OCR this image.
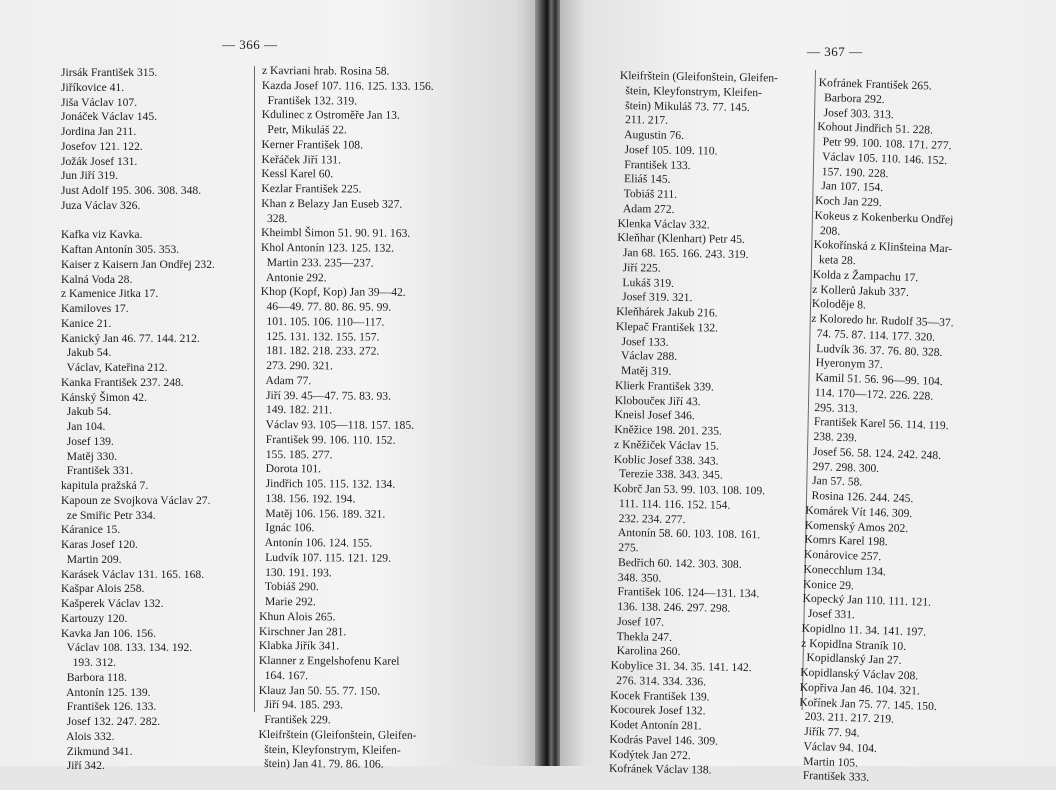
— 366 —
Jirsák František 315.
Jiříkovice 41.
Jiša Václav 107.
Jonáček Václav 145.
Jordina Jan 211.
Josefov 121. 122.
Jožák Josef 131.
Jun Jiří 319.
Just Adolf 195. 306. 308. 348.
Juza Václav 326.

Kafka viz Kavka.
Kaftan Antonín 305. 353.
Kaiser z Kaisern Jan Ondřej 232.
Kalná Voda 28.
z Kamenice Jitka 17.
Kamiloves 17.
Kanice 21.
Kanický Jan 46. 77. 144. 212.
Jakub 54.
Václav, Kateřina 212.
Kanka František 237. 248.
Kánský Šimon 42.
Jakub 54.
Jan 104.
Josef 139.
Matěj 330.
František 331.
kapitula pražská 7.
Kapoun ze Svojkova Václav 27.
ze Smiřic Petr 334.
Káranice 15.
Karas Josef 120.
Martin 209.
Karásek Václav 131. 165. 168.
Kašpar Alois 258.
Kašperek Václav 132.
Kartouzy 120.
Kavka Jan 106. 156.
Václav 108. 133. 134. 192.
193. 312.
Barbora 118.
Antonín 125. 139.
František 126. 133.
Josef 132. 247. 282.
Alois 332.
Zikmund 341.
Jiří 342.
z Kavriani hrab. Rosina 58.
Kazda Josef 107. 116. 125. 133. 156.
František 132. 319.
Kdulinec z Ostroměře Jan 13.
Petr, Mikuláš 22.
Kerner František 108.
Keřáček Jiří 131.
Kessl Karel 60.
Kezlar František 225.
Khan z Belazy Jan Euseb 327.
328.
Kheimbl Šimon 51. 90. 91. 163.
Khol Antonín 123. 125. 132.
Martin 233. 235—237.
Antonie 292.
Khop (Kopf, Kop) Jan 39—42.
46—49. 77. 80. 86. 95. 99.
101. 105. 106. 110—117.
125. 131. 132. 155. 157.
181. 182. 218. 233. 272.
273. 290. 321.
Adam 77.
Jiří 39. 45—47. 75. 83. 93.
149. 182. 211.
Václav 93. 105—118. 157. 185.
František 99. 106. 110. 152.
155. 185. 277.
Dorota 101.
Jindřich 105. 115. 132. 134.
138. 156. 192. 194.
Matěj 106. 156. 189. 321.
Ignác 106.
Antonín 106. 124. 155.
Ludvík 107. 115. 121. 129.
130. 191. 193.
Tobiáš 290.
Marie 292.
Khun Alois 265.
Kirschner Jan 281.
Klabka Jiřík 341.
Klanner z Engelshofenu Karel
164. 167.
Klauz Jan 50. 55. 77. 150.
Jiří 94. 185. 293.
František 229.
Kleifrštein (Gleifonštein, Gleifen-
štein, Kleyfonstrym, Kleifen-
štein) Jan 41. 79. 86. 106.
— 367 —
Kleifrštein (Gleifonštein, Gleifen-
štein, Kleyfonstrym, Kleifen-
štein) Mikuláš 73. 77. 145.
211. 217.
Augustin 76.
Josef 105. 109. 110.
František 133.
Eliáš 145.
Tobiáš 211.
Adam 272.
Klenka Václav 332.
Kleňhar (Klenhart) Petr 45.
Jan 68. 165. 166. 243. 319.
Jiří 225.
Lukáš 319.
Josef 319. 321.
Kleňhárek Jakub 216.
Klepač František 132.
Josef 133.
Václav 288.
Matěj 319.
Klierk František 339.
Kloboučeк Jiří 43.
Kneisl Josef 346.
Kněžice 198. 201. 235.
z Kněžiček Václav 15.
Koblic Josef 338. 343.
Terezie 338. 343. 345.
Kobrč Jan 53. 99. 103. 108. 109.
111. 114. 116. 152. 154.
232. 234. 277.
Antonín 58. 60. 103. 108. 161.
275.
Bedřich 60. 142. 303. 308.
348. 350.
František 106. 124—131. 134.
136. 138. 246. 297. 298.
Josef 107.
Thekla 247.
Karolina 260.
Kobylice 31. 34. 35. 141. 142.
276. 314. 334. 336.
Kocek František 139.
Kocourek Josef 132.
Kodet Antonín 281.
Kodrás Pavel 146. 309.
Kodýtek Jan 272.
Kofránek Václav 138.
Kofránek František 265.
Barbora 292.
Josef 303. 313.
Kohout Jindřich 51. 228.
Petr 99. 100. 108. 171. 277.
Václav 105. 110. 146. 152.
157. 190. 228.
Jan 107. 154.
Koch Jan 229.
Kokeus z Kokenberku Ondřej
208.
Kokořínská z Klinšteina Mar-
keta 28.
Kolda z Žampachu 17.
z Kollerů Jakub 337.
Koloděje 8.
z Koloredo hr. Rudolf 35—37.
74. 75. 87. 114. 177. 320.
Ludvík 36. 37. 76. 80. 328.
Hyeronym 37.
Kamil 51. 56. 96—99. 104.
114. 170—172. 226. 228.
295. 313.
František Karel 56. 114. 119.
238. 239.
Josef 56. 58. 124. 242. 248.
297. 298. 300.
Jan 57. 58.
Rosina 126. 244. 245.
Komárek Vít 146. 309.
Komenský Amos 202.
Komrs Karel 198.
Konárovice 257.
Konecchlum 134.
Konice 29.
Kopecký Jan 110. 111. 121.
Josef 331.
Kopidlno 11. 34. 141. 197.
z Kopidlna Straník 10.
Kopidlanský Jan 27.
Kopidlanský Václav 208.
Kopřiva Jan 46. 104. 321.
Kořínek Jan 75. 77. 145. 150.
203. 211. 217. 219.
Jiřík 77. 94.
Václav 94. 104.
Martin 105.
František 333.
